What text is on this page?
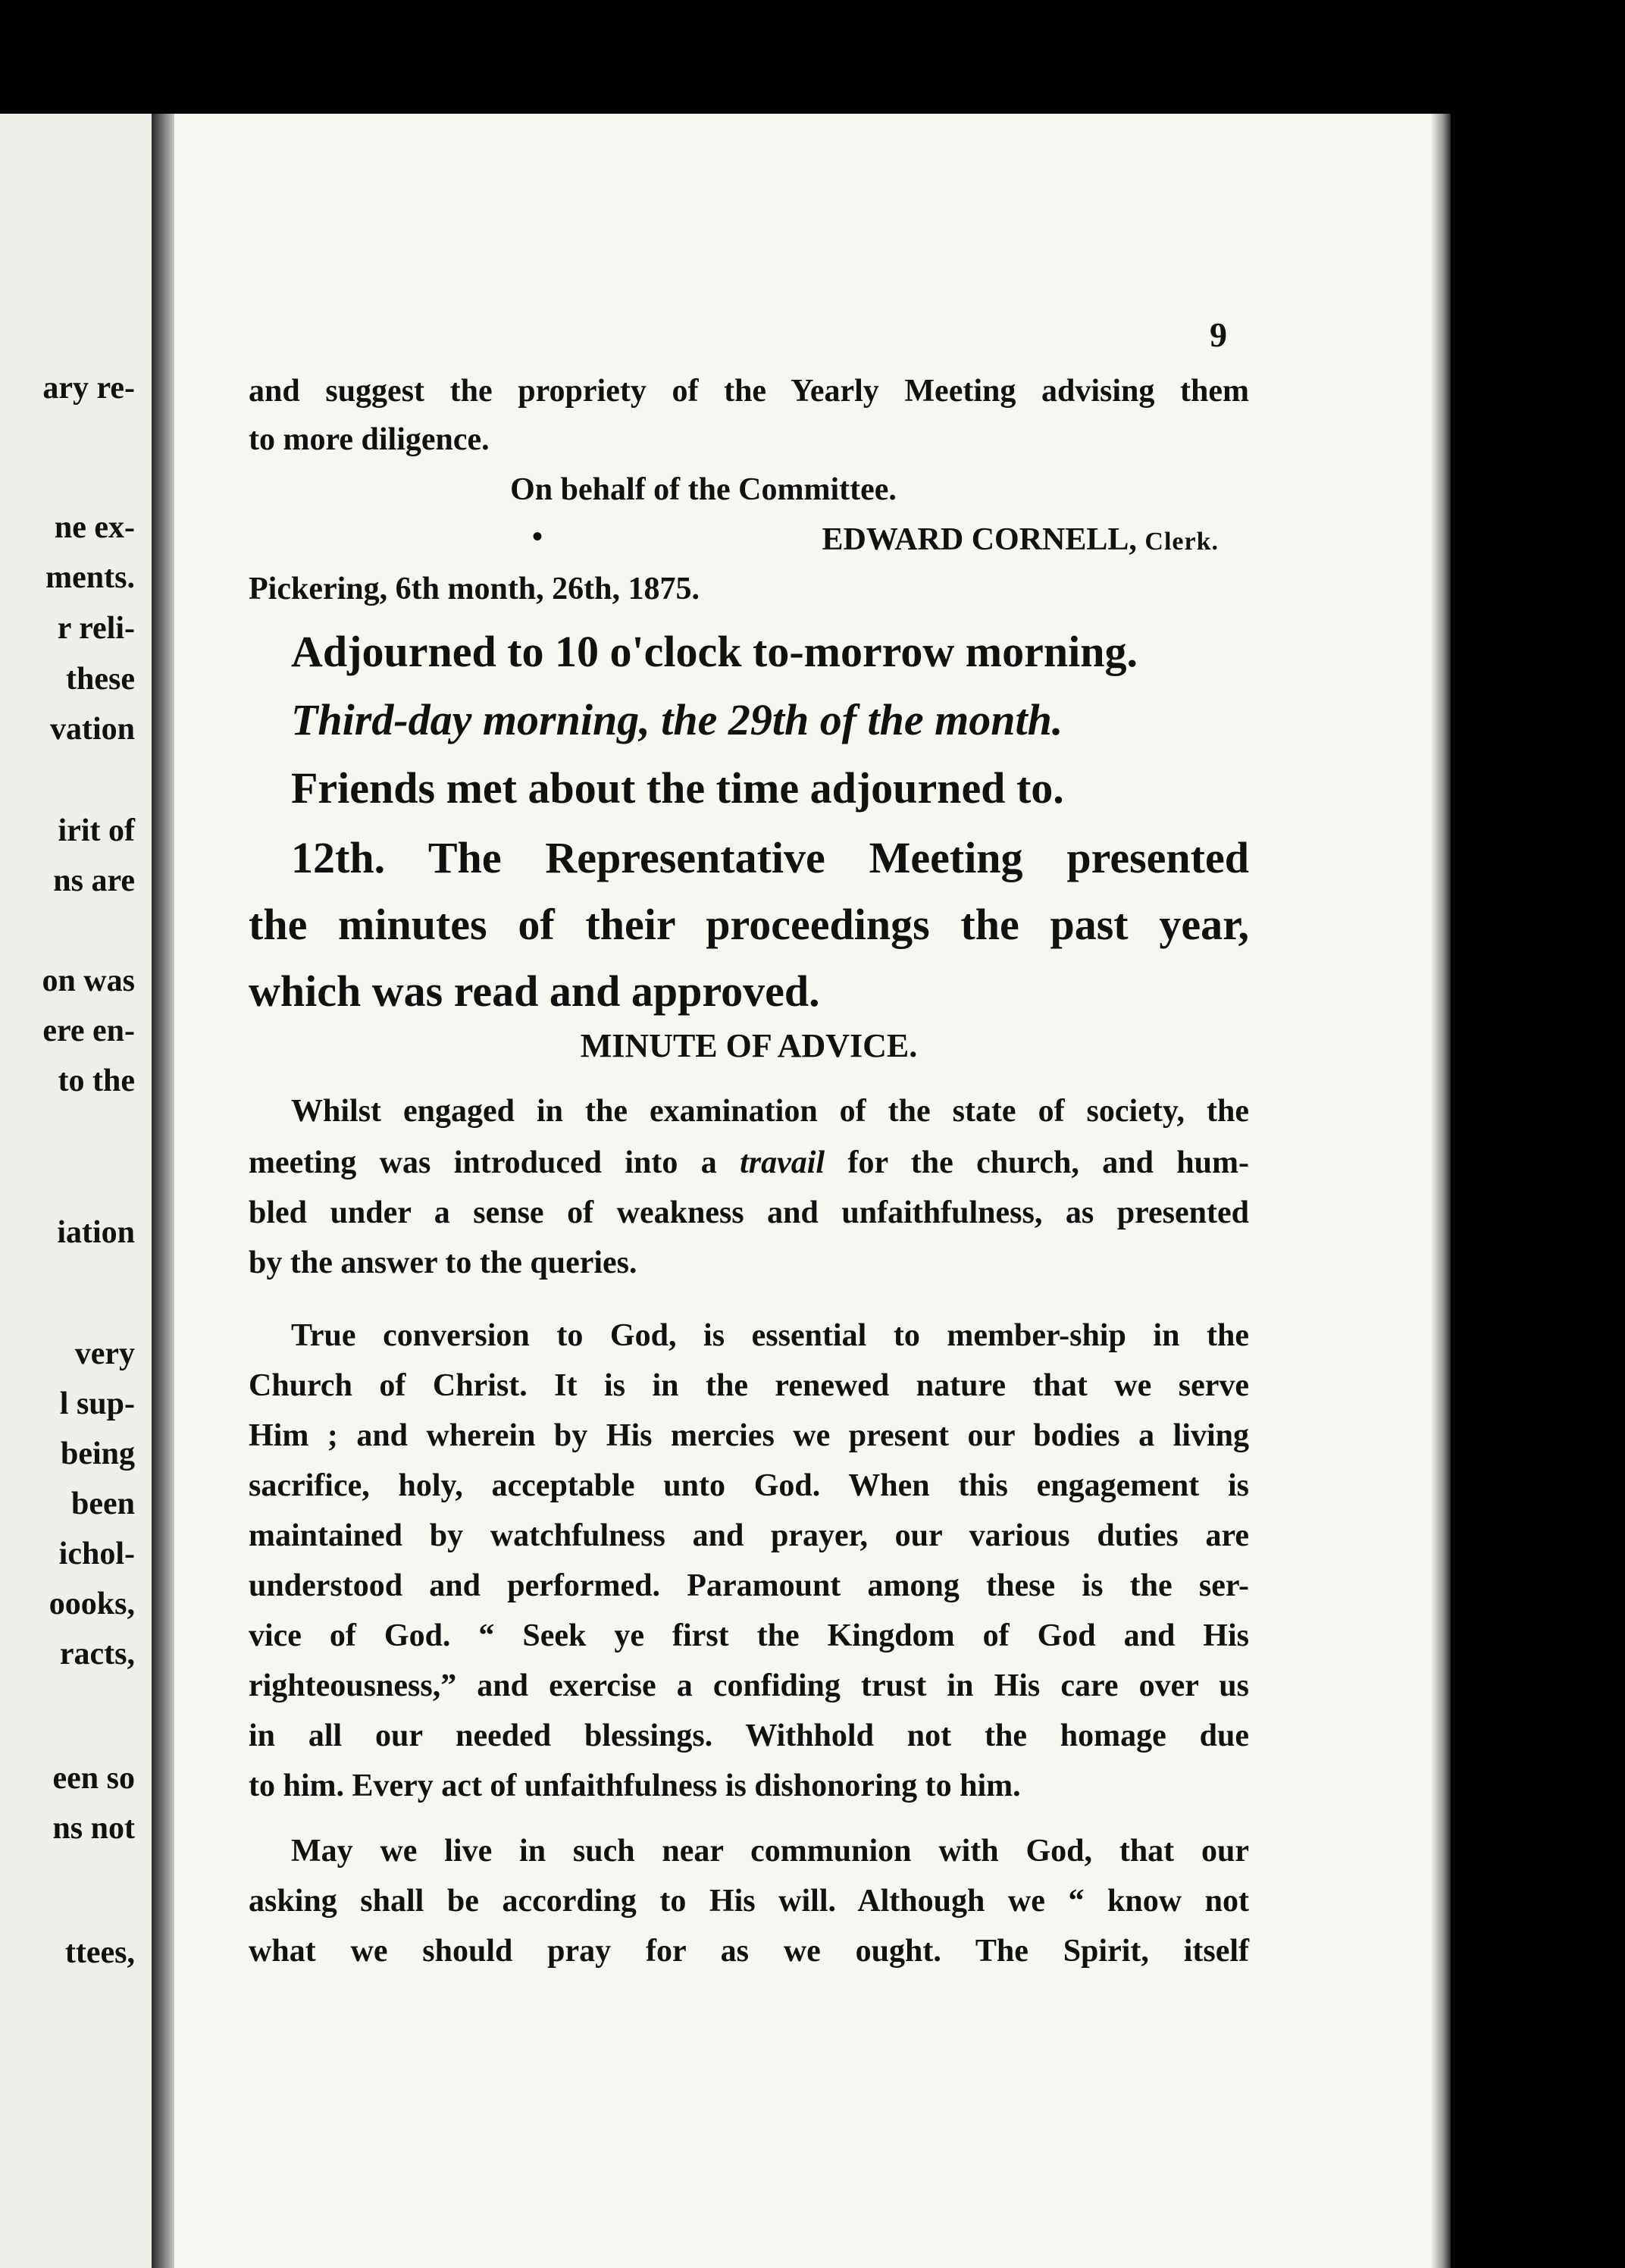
ary re-
ne ex-
ments.
r reli-
these
vation
irit of
ns are
on was
ere en-
to the
iation
very
l sup-
being
been
ichol-
oooks,
racts,
een so
ns not
ttees,
9
and suggest the propriety of the Yearly Meeting advising them
to more diligence.
On behalf of the Committee.
•	EDWARD CORNELL, Clerk.
Pickering, 6th month, 26th, 1875.
Adjourned to 10 o'clock to-morrow morning.
Third-day morning, the 29th of the month.
Friends met about the time adjourned to.
12th. The Representative Meeting presented
the minutes of their proceedings the past year,
which was read and approved.
MINUTE OF ADVICE.
Whilst engaged in the examination of the state of society, the
meeting was introduced into a travail for the church, and hum-
bled under a sense of weakness and unfaithfulness, as presented
by the answer to the queries.
True conversion to God, is essential to member-ship in the
Church of Christ. It is in the renewed nature that we serve
Him ; and wherein by His mercies we present our bodies a living
sacrifice, holy, acceptable unto God. When this engagement is
maintained by watchfulness and prayer, our various duties are
understood and performed. Paramount among these is the ser-
vice of God. “ Seek ye first the Kingdom of God and His
righteousness,” and exercise a confiding trust in His care over us
in all our needed blessings. Withhold not the homage due
to him. Every act of unfaithfulness is dishonoring to him.
May we live in such near communion with God, that our
asking shall be according to His will. Although we “ know not
what we should pray for as we ought. The Spirit, itself
